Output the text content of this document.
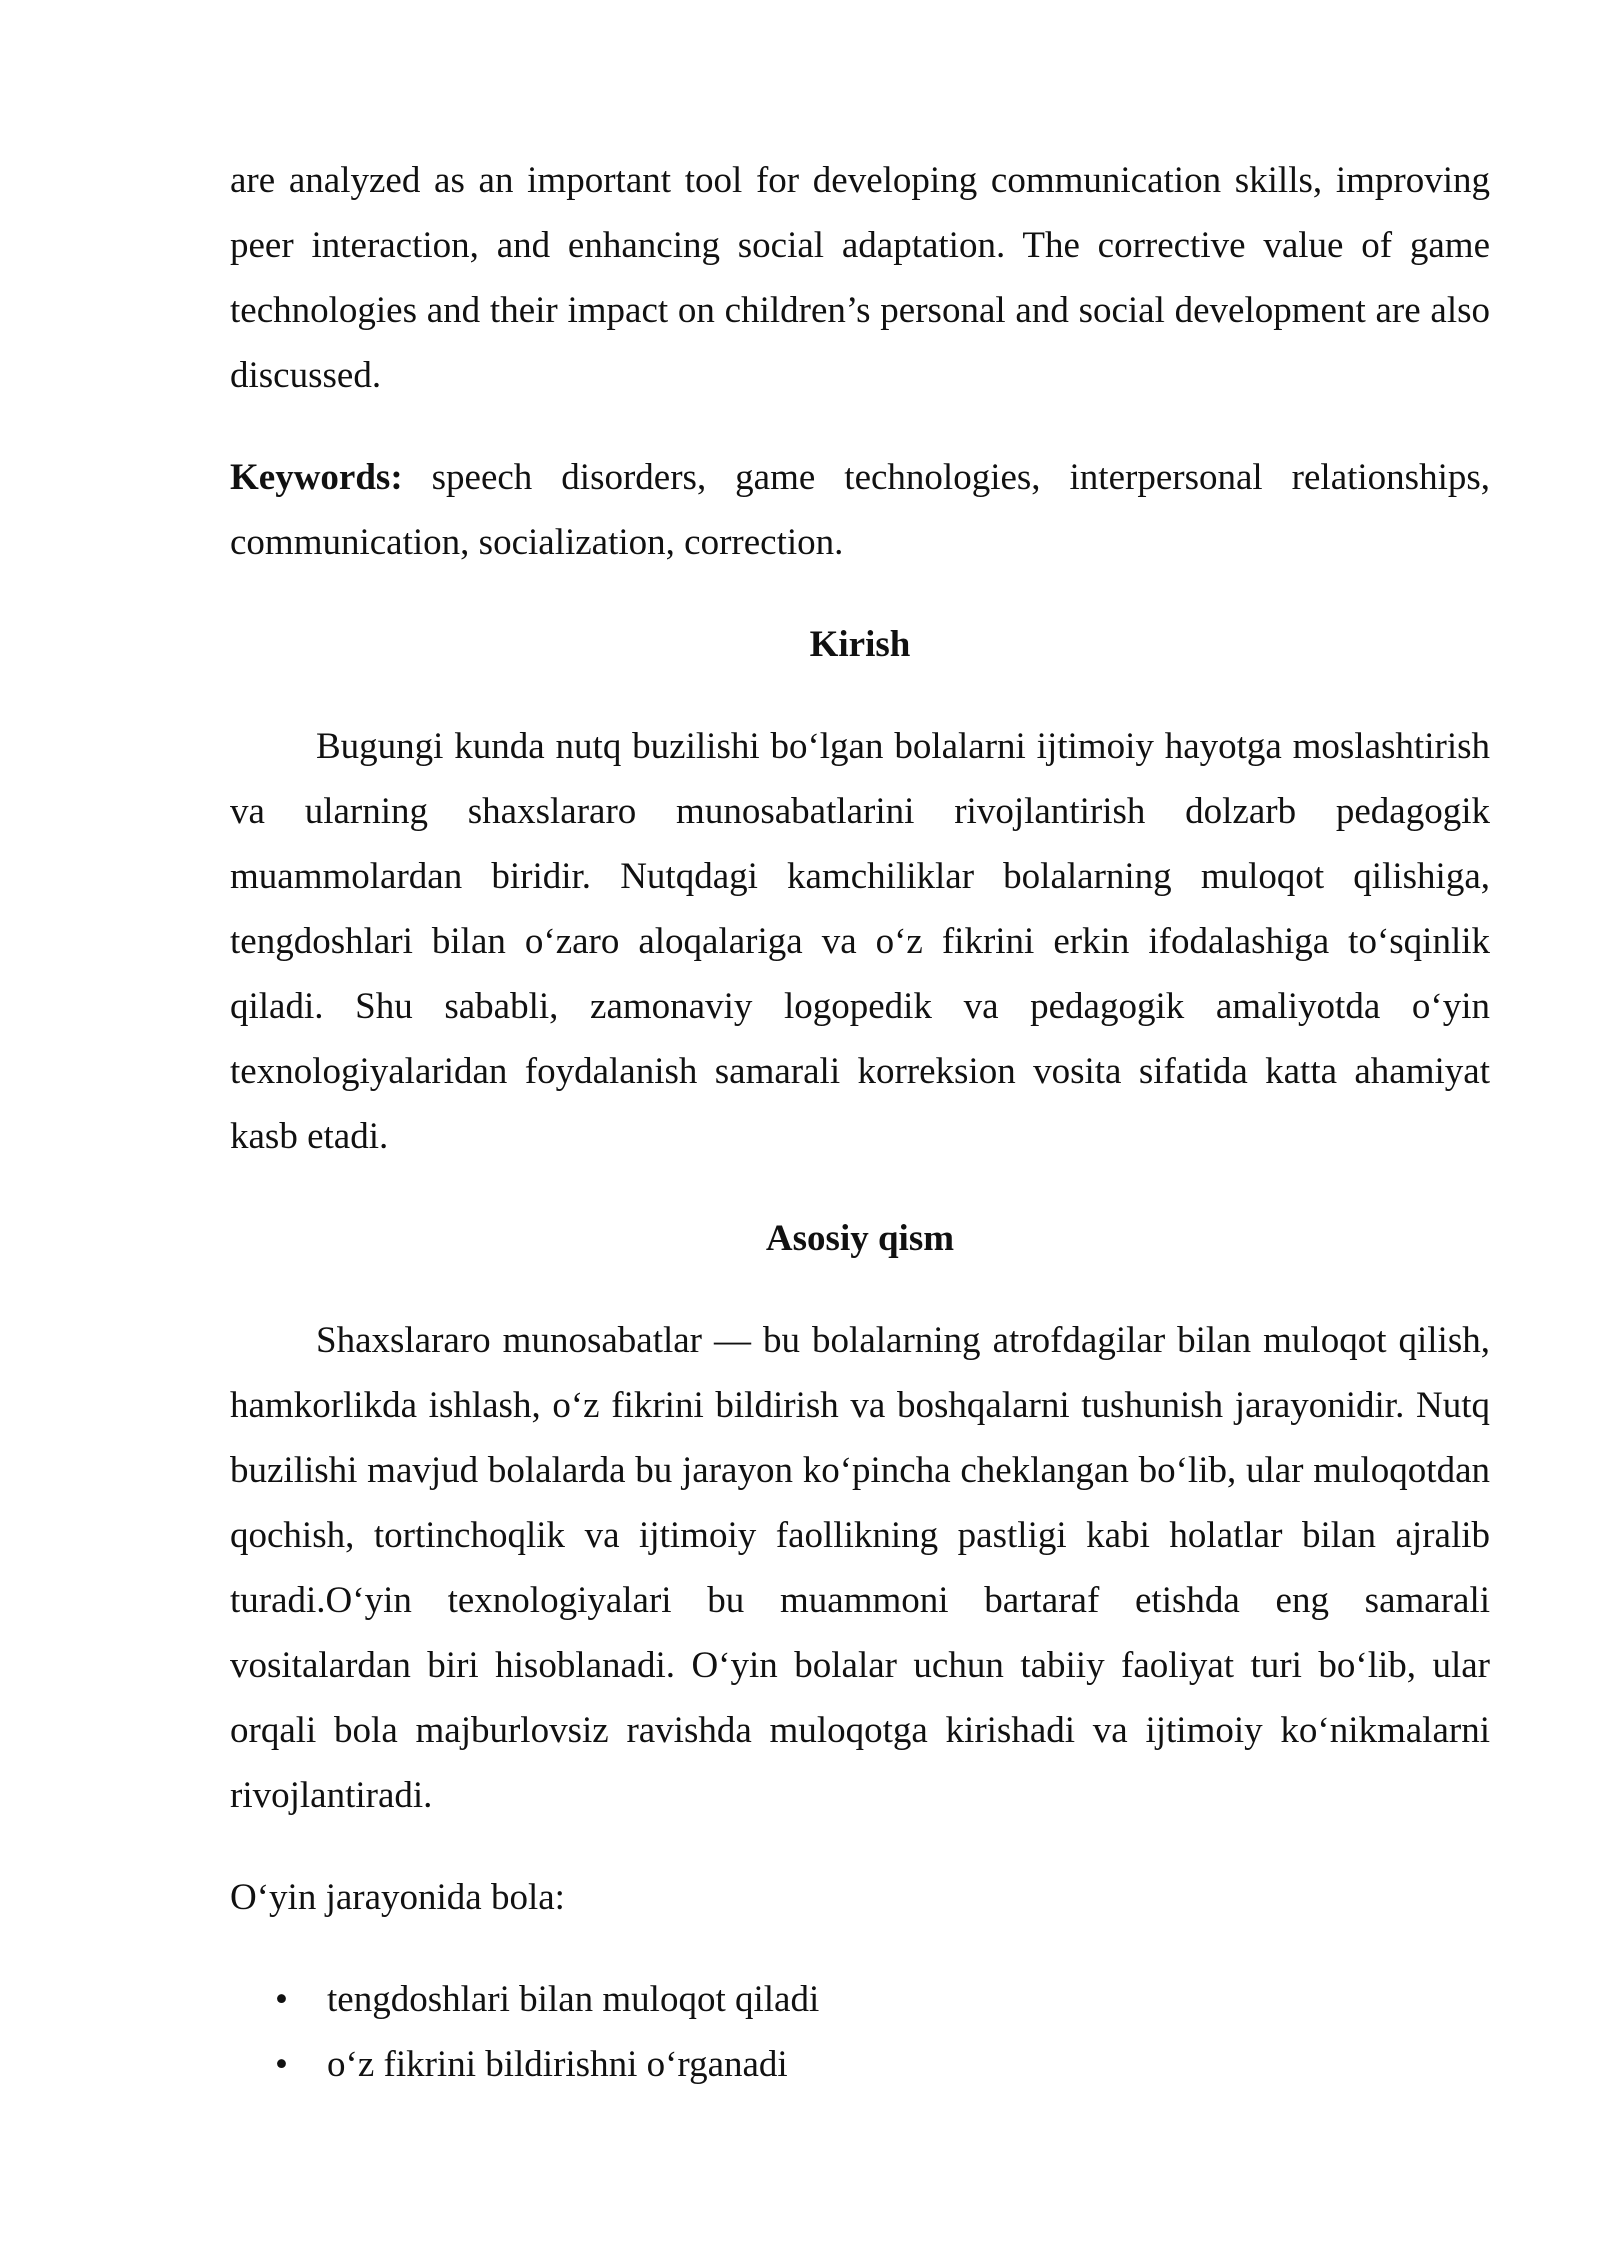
are analyzed as an important tool for developing communication skills, improving peer interaction, and enhancing social adaptation. The corrective value of game technologies and their impact on children’s personal and social development are also discussed.

Keywords: speech disorders, game technologies, interpersonal relationships, communication, socialization, correction.

Kirish

Bugungi kunda nutq buzilishi boʻlgan bolalarni ijtimoiy hayotga moslashtirish va ularning shaxslararo munosabatlarini rivojlantirish dolzarb pedagogik muammolardan biridir. Nutqdagi kamchiliklar bolalarning muloqot qilishiga, tengdoshlari bilan oʻzaro aloqalariga va oʻz fikrini erkin ifodalashiga toʻsqinlik qiladi. Shu sababli, zamonaviy logopedik va pedagogik amaliyotda oʻyin texnologiyalaridan foydalanish samarali korreksion vosita sifatida katta ahamiyat kasb etadi.

Asosiy qism

Shaxslararo munosabatlar — bu bolalarning atrofdagilar bilan muloqot qilish, hamkorlikda ishlash, oʻz fikrini bildirish va boshqalarni tushunish jarayonidir. Nutq buzilishi mavjud bolalarda bu jarayon koʻpincha cheklangan boʻlib, ular muloqotdan qochish, tortinchoqlik va ijtimoiy faollikning pastligi kabi holatlar bilan ajralib turadi.Oʻyin texnologiyalari bu muammoni bartaraf etishda eng samarali vositalardan biri hisoblanadi. Oʻyin bolalar uchun tabiiy faoliyat turi boʻlib, ular orqali bola majburlovsiz ravishda muloqotga kirishadi va ijtimoiy koʻnikmalarni rivojlantiradi.

Oʻyin jarayonida bola:

• tengdoshlari bilan muloqot qiladi
• oʻz fikrini bildirishni oʻrganadi
